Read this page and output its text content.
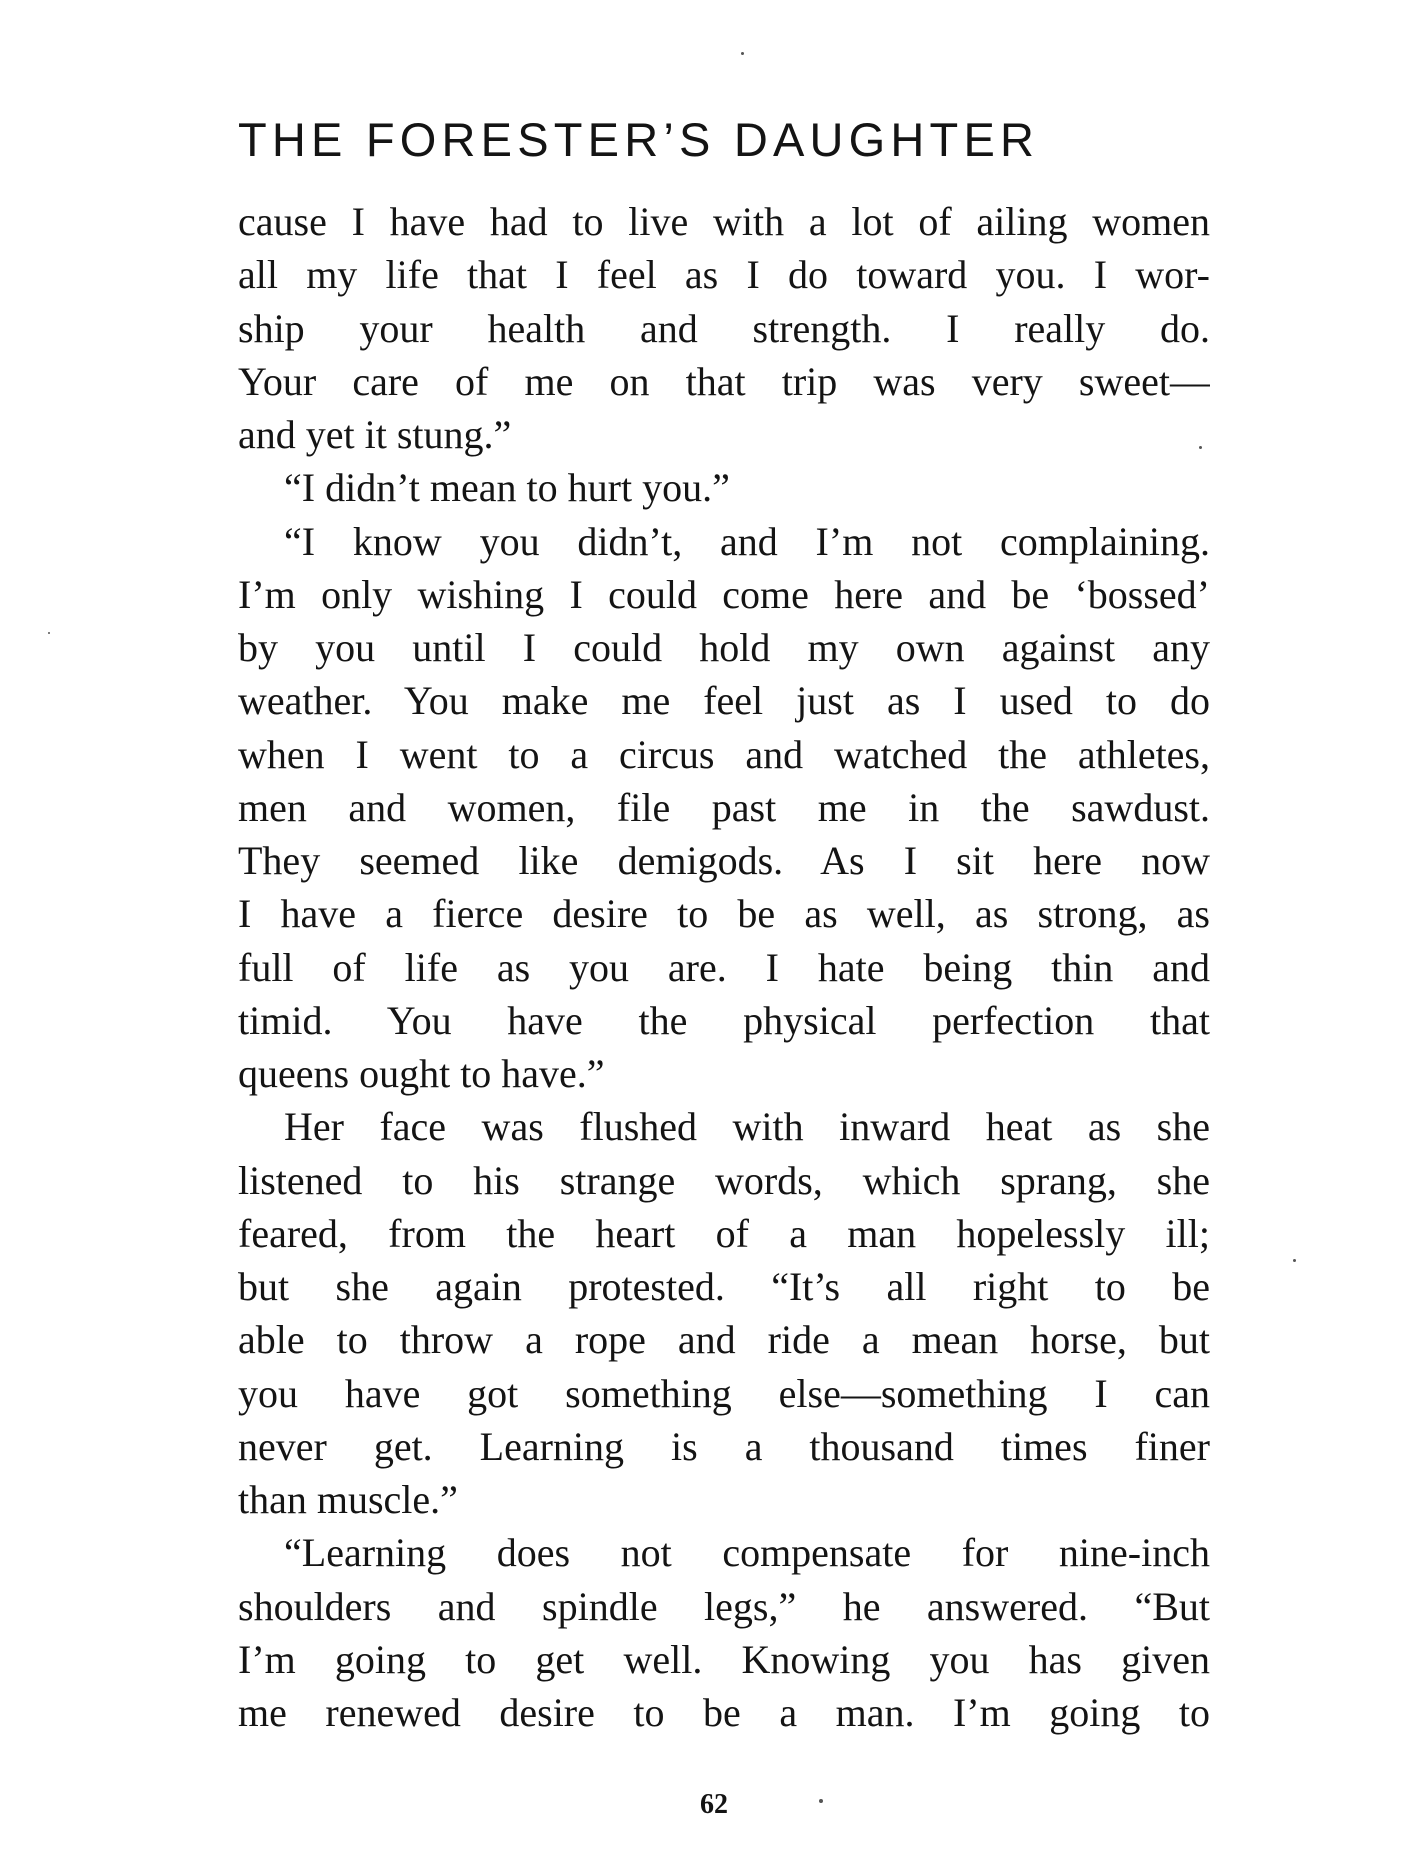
THE FORESTER’S DAUGHTER
cause I have had to live with a lot of ailing women
all my life that I feel as I do toward you. I wor-
ship your health and strength. I really do.
Your care of me on that trip was very sweet—
and yet it stung.”
“I didn’t mean to hurt you.”
“I know you didn’t, and I’m not complaining.
I’m only wishing I could come here and be ‘bossed’
by you until I could hold my own against any
weather. You make me feel just as I used to do
when I went to a circus and watched the athletes,
men and women, file past me in the sawdust.
They seemed like demigods. As I sit here now
I have a fierce desire to be as well, as strong, as
full of life as you are. I hate being thin and
timid. You have the physical perfection that
queens ought to have.”
Her face was flushed with inward heat as she
listened to his strange words, which sprang, she
feared, from the heart of a man hopelessly ill;
but she again protested. “It’s all right to be
able to throw a rope and ride a mean horse, but
you have got something else—something I can
never get. Learning is a thousand times finer
than muscle.”
“Learning does not compensate for nine-inch
shoulders and spindle legs,” he answered. “But
I’m going to get well. Knowing you has given
me renewed desire to be a man. I’m going to
62
